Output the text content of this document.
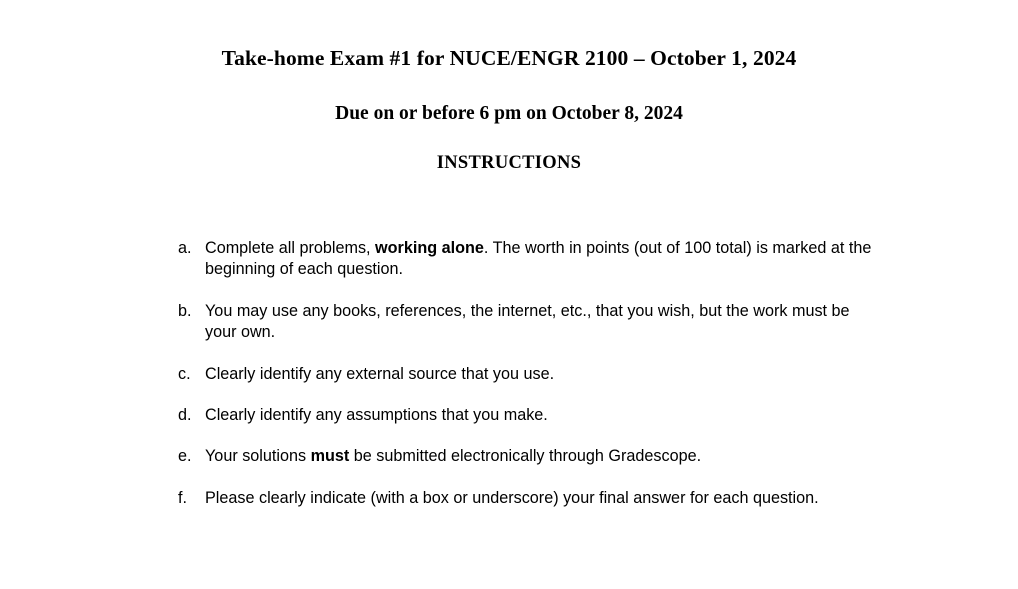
Take-home Exam #1 for NUCE/ENGR 2100 – October 1, 2024
Due on or before 6 pm on October 8, 2024
INSTRUCTIONS
a. Complete all problems, working alone. The worth in points (out of 100 total) is marked at the beginning of each question.
b. You may use any books, references, the internet, etc., that you wish, but the work must be your own.
c. Clearly identify any external source that you use.
d. Clearly identify any assumptions that you make.
e. Your solutions must be submitted electronically through Gradescope.
f.	Please clearly indicate (with a box or underscore) your final answer for each question.
